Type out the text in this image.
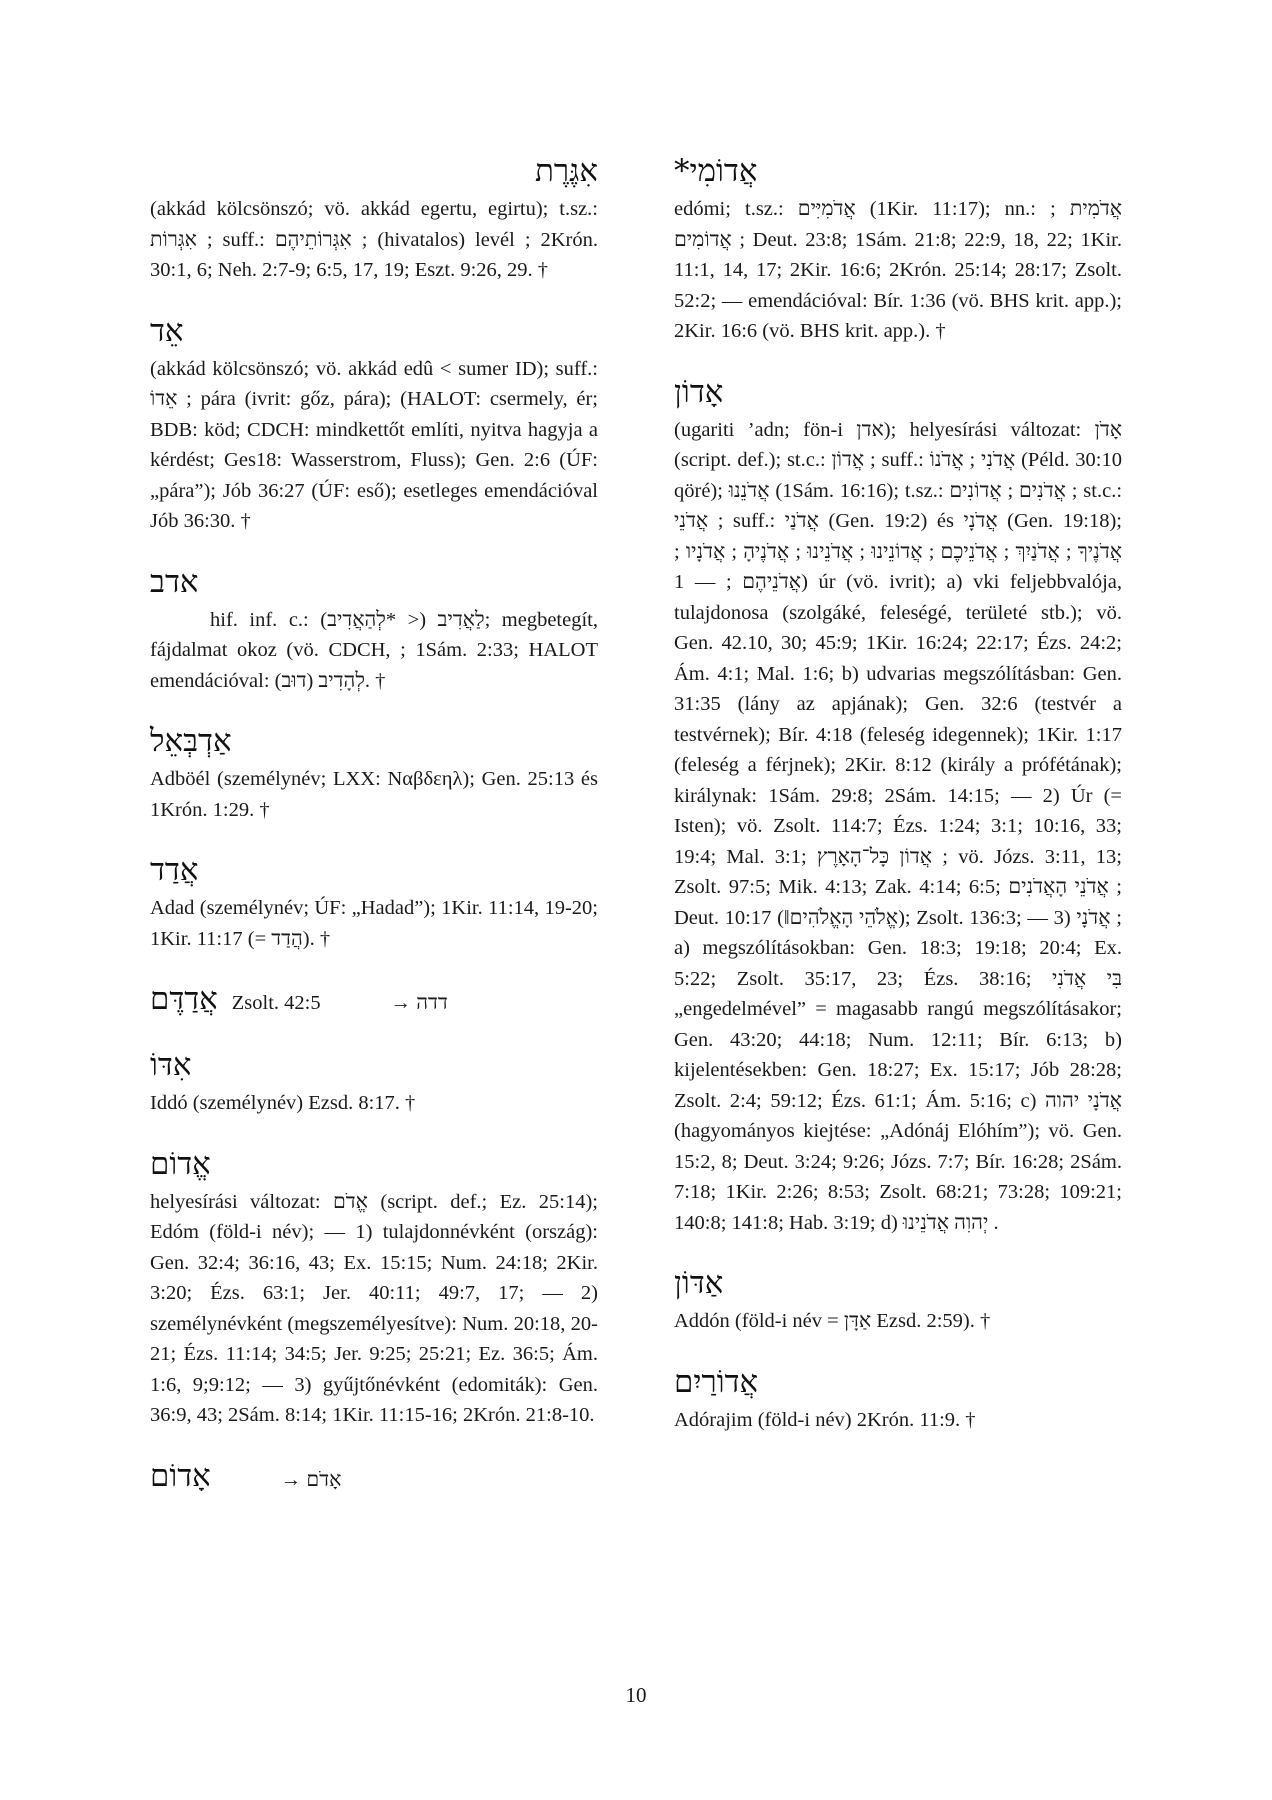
אִגֶּרֶת
(akkád kölcsönszó; vö. akkád egertu, egirtu); t.sz.: אִגְּרוֹת ; suff.: אִגְּרוֹתֵיהֶם ; (hivatalos) levél ; 2Krón. 30:1, 6; Neh. 2:7-9; 6:5, 17, 19; Eszt. 9:26, 29. †
אֵד
(akkád kölcsönszó; vö. akkád edû < sumer ID); suff.: אֵדוֹ ; pára (ivrit: gőz, pára); (HALOT: csermely, ér; BDB: köd; CDCH: mindkettőt említi, nyitva hagyja a kérdést; Ges18: Wasserstrom, Fluss); Gen. 2:6 (ÚF: „pára”); Jób 36:27 (ÚF: eső); esetleges emendációval Jób 36:30. †
אדב
hif. inf. c.: לַאֲדִיב (< *לְהַאֲדִיב); megbetegít, fájdalmat okoz (vö. CDCH, ; 1Sám. 2:33; HALOT emendációval: לְהָדִיב (דוּב). †
אַדְבְּאֵל
Adböél (személynév; LXX: Ναβδεηλ); Gen. 25:13 és 1Krón. 1:29. †
אֲדַד
Adad (személynév; ÚF: „Hadad”); 1Kir. 11:14, 19-20; 1Kir. 11:17 (= הֲדַד). †
אֲדַדֶּם Zsolt. 42:5	→ דדה
אִדּוֹ
Iddó (személynév) Ezsd. 8:17. †
אֱדוֹם
helyesírási változat: אֱדֹם (script. def.; Ez. 25:14); Edóm (föld-i név); — 1) tulajdonnévként (ország): Gen. 32:4; 36:16, 43; Ex. 15:15; Num. 24:18; 2Kir. 3:20; Ézs. 63:1; Jer. 40:11; 49:7, 17; — 2) személynévként (megszemélyesítve): Num. 20:18, 20-21; Ézs. 11:14; 34:5; Jer. 9:25; 25:21; Ez. 36:5; Ám. 1:6, 9;9:12; — 3) gyűjtőnévként (edomiták): Gen. 36:9, 43; 2Sám. 8:14; 1Kir. 11:15-16; 2Krón. 21:8-10.
אָדוֹם	→ אָדֹם
*אֲדוֹמִי
edómi; t.sz.: אֲדֹמִיִּים (1Kir. 11:17); nn.: אֲדֹמִית ; אֲדוֹמִים ; Deut. 23:8; 1Sám. 21:8; 22:9, 18, 22; 1Kir. 11:1, 14, 17; 2Kir. 16:6; 2Krón. 25:14; 28:17; Zsolt. 52:2; — emendációval: Bír. 1:36 (vö. BHS krit. app.); 2Kir. 16:6 (vö. BHS krit. app.). †
אָדוֹן
(ugariti ’adn; fön-i אדן); helyesírási változat: אָדֹן (script. def.); st.c.: אֲדוֹן ; suff.: אֲדֹנִי ; אֲדֹנוֹ (Péld. 30:10 qöré); אֲדֹנֵנוּ (1Sám. 16:16); t.sz.: אֲדֹנִים ; אֲדוֹנִים ; st.c.: אֲדֹנֵי ; suff.: אֲדֹנַי (Gen. 19:2) és אֲדֹנָי (Gen. 19:18); אֲדֹנֶיךָ ; אֲדֹנַיִךְ ; אֲדֹנֵיכֶם ; אֲדוֹנֵינוּ ; אֲדֹנֵינוּ ; אֲדֹנֶיהָ ; אֲדֹנָיו ; אֲדֹנֵיהֶם ; — 1) úr (vö. ivrit); a) vki feljebbvalója, tulajdonosa (szolgáké, feleségé, területé stb.); vö. Gen. 42.10, 30; 45:9; 1Kir. 16:24; 22:17; Ézs. 24:2; Ám. 4:1; Mal. 1:6; b) udvarias megszólításban: Gen. 31:35 (lány az apjának); Gen. 32:6 (testvér a testvérnek); Bír. 4:18 (feleség idegennek); 1Kir. 1:17 (feleség a férjnek); 2Kir. 8:12 (király a prófétának); királynak: 1Sám. 29:8; 2Sám. 14:15; — 2) Úr (= Isten); vö. Zsolt. 114:7; Ézs. 1:24; 3:1; 10:16, 33; 19:4; Mal. 3:1; אֲדוֹן כָּל־הָאָרֶץ ; vö. Józs. 3:11, 13; Zsolt. 97:5; Mik. 4:13; Zak. 4:14; 6:5; אֲדֹנֵי הָאֲדֹנִים ; Deut. 10:17 (‖אֱלֹהֵי הָאֱלֹהִים); Zsolt. 136:3; — 3) אֲדֹנָי ; a) megszólításokban: Gen. 18:3; 19:18; 20:4; Ex. 5:22; Zsolt. 35:17, 23; Ézs. 38:16; בִּי אֲדֹנִי „engedelmével” = magasabb rangú megszólításakor; Gen. 43:20; 44:18; Num. 12:11; Bír. 6:13; b) kijelentésekben: Gen. 18:27; Ex. 15:17; Jób 28:28; Zsolt. 2:4; 59:12; Ézs. 61:1; Ám. 5:16; c) אֲדֹנָי יהוה (hagyományos kiejtése: „Adónáj Elóhím”); vö. Gen. 15:2, 8; Deut. 3:24; 9:26; Józs. 7:7; Bír. 16:28; 2Sám. 7:18; 1Kir. 2:26; 8:53; Zsolt. 68:21; 73:28; 109:21; 140:8; 141:8; Hab. 3:19; d) יְהוִה אֲדֹנֵינוּ .
אַדּוֹן
Addón (föld-i név = אַדָּן Ezsd. 2:59). †
אֲדוֹרַיִם
Adórajim (föld-i név) 2Krón. 11:9. †
10
